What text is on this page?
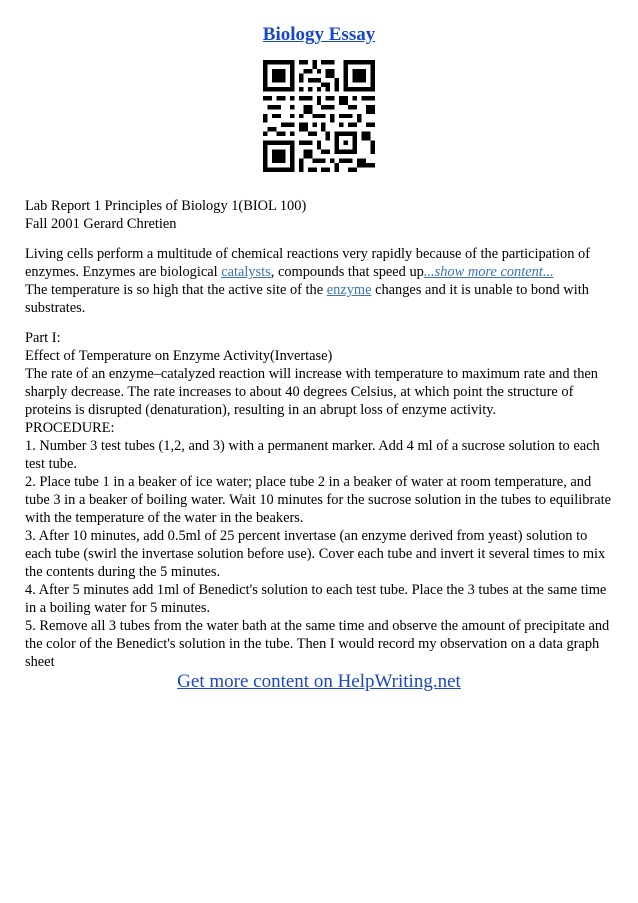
Biology Essay

Lab Report 1 Principles of Biology 1(BIOL 100)

Fall 2001 Gerard Chretien

Living cells perform a multitude of chemical reactions very rapidly because of the participation of enzymes. Enzymes are biological catalysts, compounds that speed up...show more content...

The temperature is so high that the active site of the enzyme changes and it is unable to bond with substrates.

Part I:

Effect of Temperature on Enzyme Activity(Invertase)

The rate of an enzyme–catalyzed reaction will increase with temperature to maximum rate and then sharply decrease. The rate increases to about 40 degrees Celsius, at which point the structure of proteins is disrupted (denaturation), resulting in an abrupt loss of enzyme activity.

PROCEDURE:

1. Number 3 test tubes (1,2, and 3) with a permanent marker. Add 4 ml of a sucrose solution to each test tube.

2. Place tube 1 in a beaker of ice water; place tube 2 in a beaker of water at room temperature, and tube 3 in a beaker of boiling water. Wait 10 minutes for the sucrose solution in the tubes to equilibrate with the temperature of the water in the beakers.

3. After 10 minutes, add 0.5ml of 25 percent invertase (an enzyme derived from yeast) solution to each tube (swirl the invertase solution before use). Cover each tube and invert it several times to mix the contents during the 5 minutes.

4. After 5 minutes add 1ml of Benedict's solution to each test tube. Place the 3 tubes at the same time in a boiling water for 5 minutes.

5. Remove all 3 tubes from the water bath at the same time and observe the amount of precipitate and the color of the Benedict's solution in the tube. Then I would record my observation on a data graph sheet

Get more content on HelpWriting.net
